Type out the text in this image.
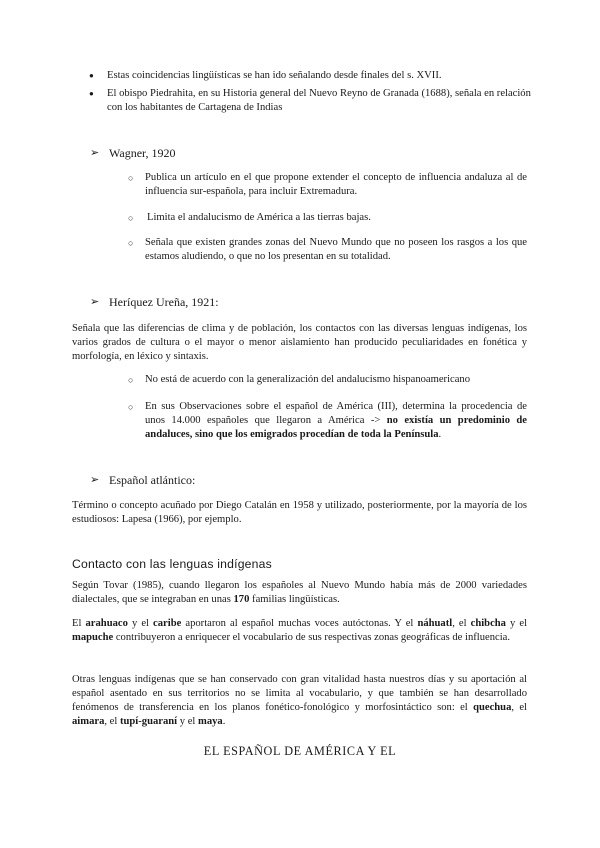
● Estas coincidencias lingüísticas se han ido señalando desde finales del s. XVII.
● El obispo Piedrahita, en su Historia general del Nuevo Reyno de Granada (1688), señala en relación con los habitantes de Cartagena de Indias
➢ Wagner, 1920
○ Publica un artículo en el que propone extender el concepto de influencia andaluza al de influencia sur-española, para incluir Extremadura.
○ Limita el andalucismo de América a las tierras bajas.
○ Señala que existen grandes zonas del Nuevo Mundo que no poseen los rasgos a los que estamos aludiendo, o que no los presentan en su totalidad.
➢ Heríquez Ureña, 1921:
Señala que las diferencias de clima y de población, los contactos con las diversas lenguas indígenas, los varios grados de cultura o el mayor o menor aislamiento han producido peculiaridades en fonética y morfología, en léxico y sintaxis.
○ No está de acuerdo con la generalización del andalucismo hispanoamericano
○ En sus Observaciones sobre el español de América (III), determina la procedencia de unos 14.000 españoles que llegaron a América -> no existía un predominio de andaluces, sino que los emigrados procedían de toda la Península.
➢ Español atlántico:
Término o concepto acuñado por Diego Catalán en 1958 y utilizado, posteriormente, por la mayoría de los estudiosos: Lapesa (1966), por ejemplo.
Contacto con las lenguas indígenas
Según Tovar (1985), cuando llegaron los españoles al Nuevo Mundo había más de 2000 variedades dialectales, que se integraban en unas 170 familias lingüísticas.
El arahuaco y el caribe aportaron al español muchas voces autóctonas. Y el náhuatl, el chibcha y el mapuche contribuyeron a enriquecer el vocabulario de sus respectivas zonas geográficas de influencia.
Otras lenguas indígenas que se han conservado con gran vitalidad hasta nuestros días y su aportación al español asentado en sus territorios no se limita al vocabulario, y que también se han desarrollado fenómenos de transferencia en los planos fonético-fonológico y morfosintáctico son: el quechua, el aimara, el tupí-guaraní y el maya.
EL ESPAÑOL DE AMÉRICA Y EL
